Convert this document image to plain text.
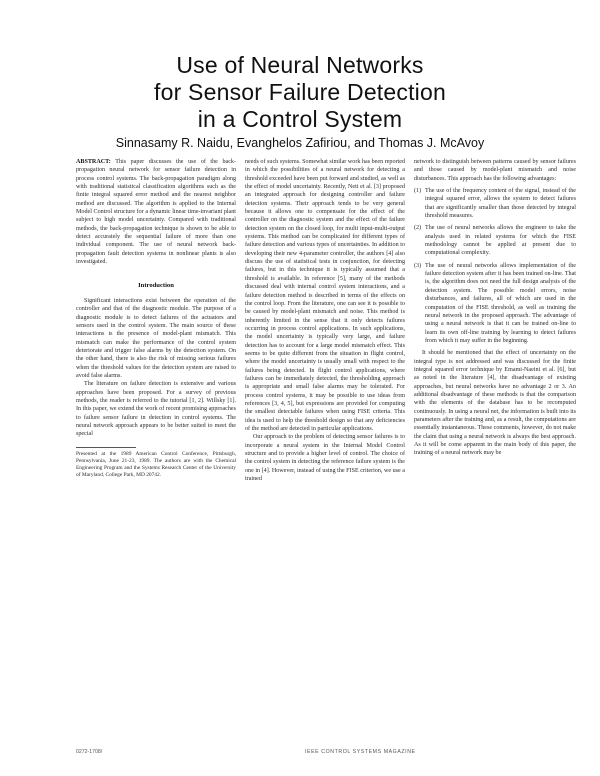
Use of Neural Networks
for Sensor Failure Detection
in a Control System
Sinnasamy R. Naidu, Evanghelos Zafiriou, and Thomas J. McAvoy

ABSTRACT: This paper discusses the use of the back-propagation neural network for sensor failure detection in process control systems. The back-propagation paradigm along with traditional statistical classification algorithms such as the finite integral squared error method and the nearest neighbor method are discussed. The algorithm is applied to the Internal Model Control structure for a dynamic linear time-invariant plant subject to high model uncertainty. Compared with traditional methods, the back-propagation technique is shown to be able to detect accurately the sequential failure of more than one individual component. The use of neural network back-propagation fault detection systems in nonlinear plants is also investigated.

Introduction

Significant interactions exist between the operation of the controller and that of the diagnostic module. The purpose of a diagnostic module is to detect failures of the actuators and sensors used in the control system. The main source of these interactions is the presence of model-plant mismatch. This mismatch can make the performance of the control system deteriorate and trigger false alarms by the detection system. On the other hand, there is also the risk of missing serious failures when the threshold values for the detection system are raised to avoid false alarms.

The literature on failure detection is extensive and various approaches have been proposed. For a survey of previous methods, the reader is referred to the tutorial [1, 2]. Willsky [1]. In this paper, we extend the work of recent promising approaches to failure sensor failure in detection in control systems. The neural network approach appears to be better suited to meet the special

Presented at the 1989 American Control Conference, Pittsburgh, Pennsylvania, June 21-23, 1989. The authors are with the Chemical Engineering Program and the Systems Research Center of the University of Maryland, College Park, MD 20742.

needs of such systems. Somewhat similar work has been reported in which the possibilities of a neural network for detecting a threshold exceeded have been put forward and studied, as well as the effect of model uncertainty. Recently, Nett et al. [3] proposed an integrated approach for designing controller and failure detection systems. Their approach tends to be very general because it allows one to compensate for the effect of the controller on the diagnostic system and the effect of the failure detection system on the closed loop, for multi input-multi-output systems. This method can be complicated for different types of failure detection and various types of uncertainties. In addition to developing their new 4-parameter controller, the authors [4] also discuss the use of statistical tests in conjunction, for detecting failures, but in this technique it is typically assumed that a threshold is available. In reference [5], many of the methods discussed deal with internal control system interactions, and a failure detection method is described in terms of the effects on the control loop. From the literature, one can see it is possible to be caused by model-plant mismatch and noise. This method is inherently limited in the sense that it only detects failures occurring in process control applications. In such applications, the model uncertainty is typically very large, and failure detection has to account for a large model mismatch effect. This seems to be quite different from the situation in flight control, where the model uncertainty is usually small with respect to the failures being detected. In flight control applications, where failures can be immediately detected, the thresholding approach is appropriate and small false alarms may be tolerated. For process control systems, it may be possible to use ideas from references [3, 4, 5], but expressions are provided for computing the smallest detectable failures when using FISE criteria. This idea is used to help the threshold design so that any deficiencies of the method are detected in particular applications.

Our approach to the problem of detecting sensor failures is to incorporate a neural system in the Internal Model Control structure and to provide a higher level of control. The choice of the control system in detecting the reference failure system is the one in [4]. However, instead of using the FISE criterion, we use a trained

network to distinguish between patterns caused by sensor failures and those caused by model-plant mismatch and noise disturbances. This approach has the following advantages:

(1) The use of the frequency content of the signal, instead of the integral squared error, allows the system to detect failures that are significantly smaller than those detected by integral threshold measures.
(2) The use of neural networks allows the engineer to take the analysis used in related systems for which the FISE methodology cannot be applied at present due to computational complexity.
(3) The use of neural networks allows implementation of the failure detection system after it has been trained on-line. That is, the algorithm does not need the full design analysis of the detection system. The possible model errors, noise disturbances, and failures, all of which are used in the computation of the FISE threshold, as well as training the neural network in the proposed approach. The advantage of using a neural network is that it can be trained on-line to learn its own off-line training by learning to detect failures from which it may suffer in the beginning.

It should be mentioned that the effect of uncertainty on the integral type is not addressed and was discussed for the finite integral squared error technique by Emami-Naeini et al. [6], but as noted in the literature [4], the disadvantage of existing approaches, but neural networks have no advantage 2 or 3. An additional disadvantage of these methods is that the comparison with the elements of the database has to be recomputed continuously. In using a neural net, the information is built into its parameters after the training and, as a result, the computations are essentially instantaneous. These comments, however, do not make the claim that using a neural network is always the best approach. As it will be come apparent in the main body of this paper, the training of a neural network may be

0272-1708/	IEEE CONTROL SYSTEMS MAGAZINE
